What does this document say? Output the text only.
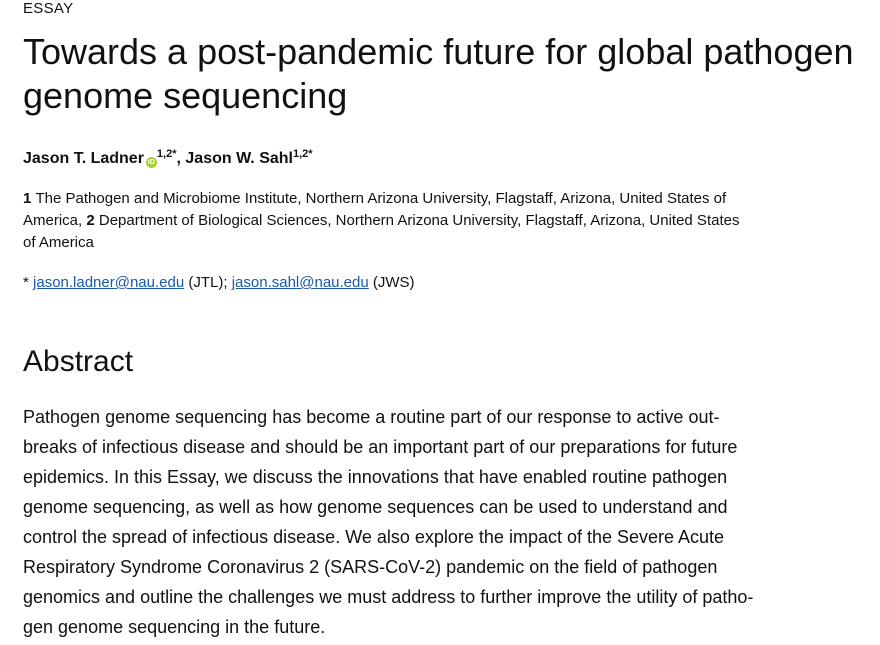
ESSAY
Towards a post-pandemic future for global pathogen genome sequencing
Jason T. Ladner $iD^{1,2*}$, Jason W. Sahl$^{1,2*}$
1 The Pathogen and Microbiome Institute, Northern Arizona University, Flagstaff, Arizona, United States of
America, 2 Department of Biological Sciences, Northern Arizona University, Flagstaff, Arizona, United States
of America
* jason.ladner@nau.edu (JTL); jason.sahl@nau.edu (JWS)
Abstract
Pathogen genome sequencing has become a routine part of our response to active out-
breaks of infectious disease and should be an important part of our preparations for future
epidemics. In this Essay, we discuss the innovations that have enabled routine pathogen
genome sequencing, as well as how genome sequences can be used to understand and
control the spread of infectious disease. We also explore the impact of the Severe Acute
Respiratory Syndrome Coronavirus 2 (SARS-CoV-2) pandemic on the field of pathogen
genomics and outline the challenges we must address to further improve the utility of patho-
gen genome sequencing in the future.
